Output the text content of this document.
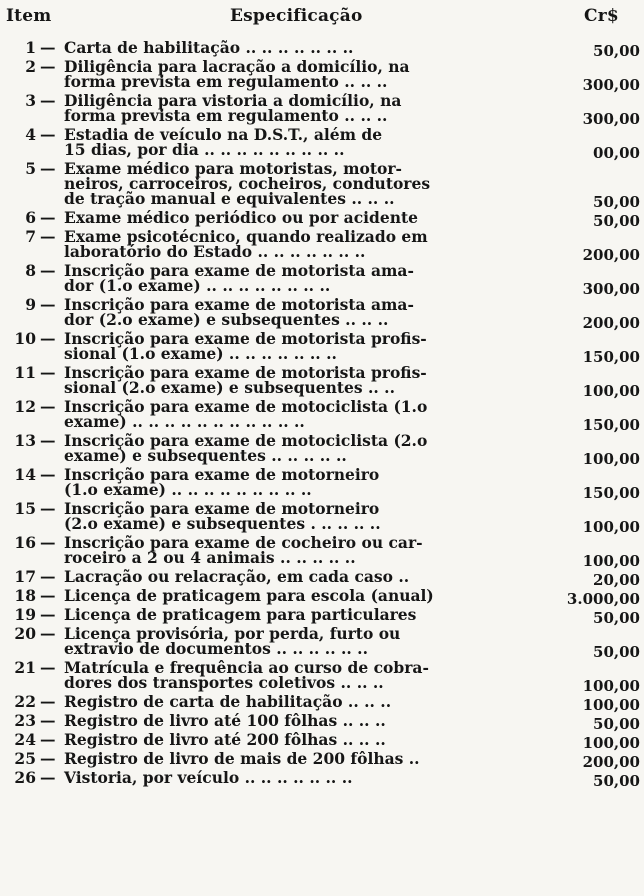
Item	Especificação	Cr$
1 — Carta de habilitação .. .. .. .. .. .. ..	50,00
2 — Diligência para lacração a domicílio, na
forma prevista em regulamento .. .. ..	300,00
3 — Diligência para vistoria a domicílio, na
forma prevista em regulamento .. .. ..	300,00
4 — Estadia de veículo na D.S.T., além de
15 dias, por dia .. .. .. .. .. .. .. .. ..	00,00
5 — Exame médico para motoristas, motor-
neiros, carroceiros, cocheiros, condutores
de tração manual e equivalentes .. .. ..	50,00
6 — Exame médico periódico ou por acidente	50,00
7 — Exame psicotécnico, quando realizado em
laboratório do Estado .. .. .. .. .. .. ..	200,00
8 — Inscrição para exame de motorista ama-
dor (1.o exame) .. .. .. .. .. .. .. ..	300,00
9 — Inscrição para exame de motorista ama-
dor (2.o exame) e subsequentes .. .. ..	200,00
10 — Inscrição para exame de motorista profis-
sional (1.o exame) .. .. .. .. .. .. ..	150,00
11 — Inscrição para exame de motorista profis-
sional (2.o exame) e subsequentes .. ..	100,00
12 — Inscrição para exame de motociclista (1.o
exame) .. .. .. .. .. .. .. .. .. .. ..	150,00
13 — Inscrição para exame de motociclista (2.o
exame) e subsequentes .. .. .. .. ..	100,00
14 — Inscrição para exame de motorneiro
(1.o exame) .. .. .. .. .. .. .. .. ..	150,00
15 — Inscrição para exame de motorneiro
(2.o exame) e subsequentes . .. .. .. ..	100,00
16 — Inscrição para exame de cocheiro ou car-
roceiro a 2 ou 4 animais .. .. .. .. ..	100,00
17 — Lacração ou relacração, em cada caso ..	20,00
18 — Licença de praticagem para escola (anual)	3.000,00
19 — Licença de praticagem para particulares	50,00
20 — Licença provisória, por perda, furto ou
extravio de documentos .. .. .. .. .. ..	50,00
21 — Matrícula e frequência ao curso de cobra-
dores dos transportes coletivos .. .. ..	100,00
22 — Registro de carta de habilitação .. .. ..	100,00
23 — Registro de livro até 100 fôlhas .. .. ..	50,00
24 — Registro de livro até 200 fôlhas .. .. ..	100,00
25 — Registro de livro de mais de 200 fôlhas ..	200,00
26 — Vistoria, por veículo .. .. .. .. .. .. ..	50,00
